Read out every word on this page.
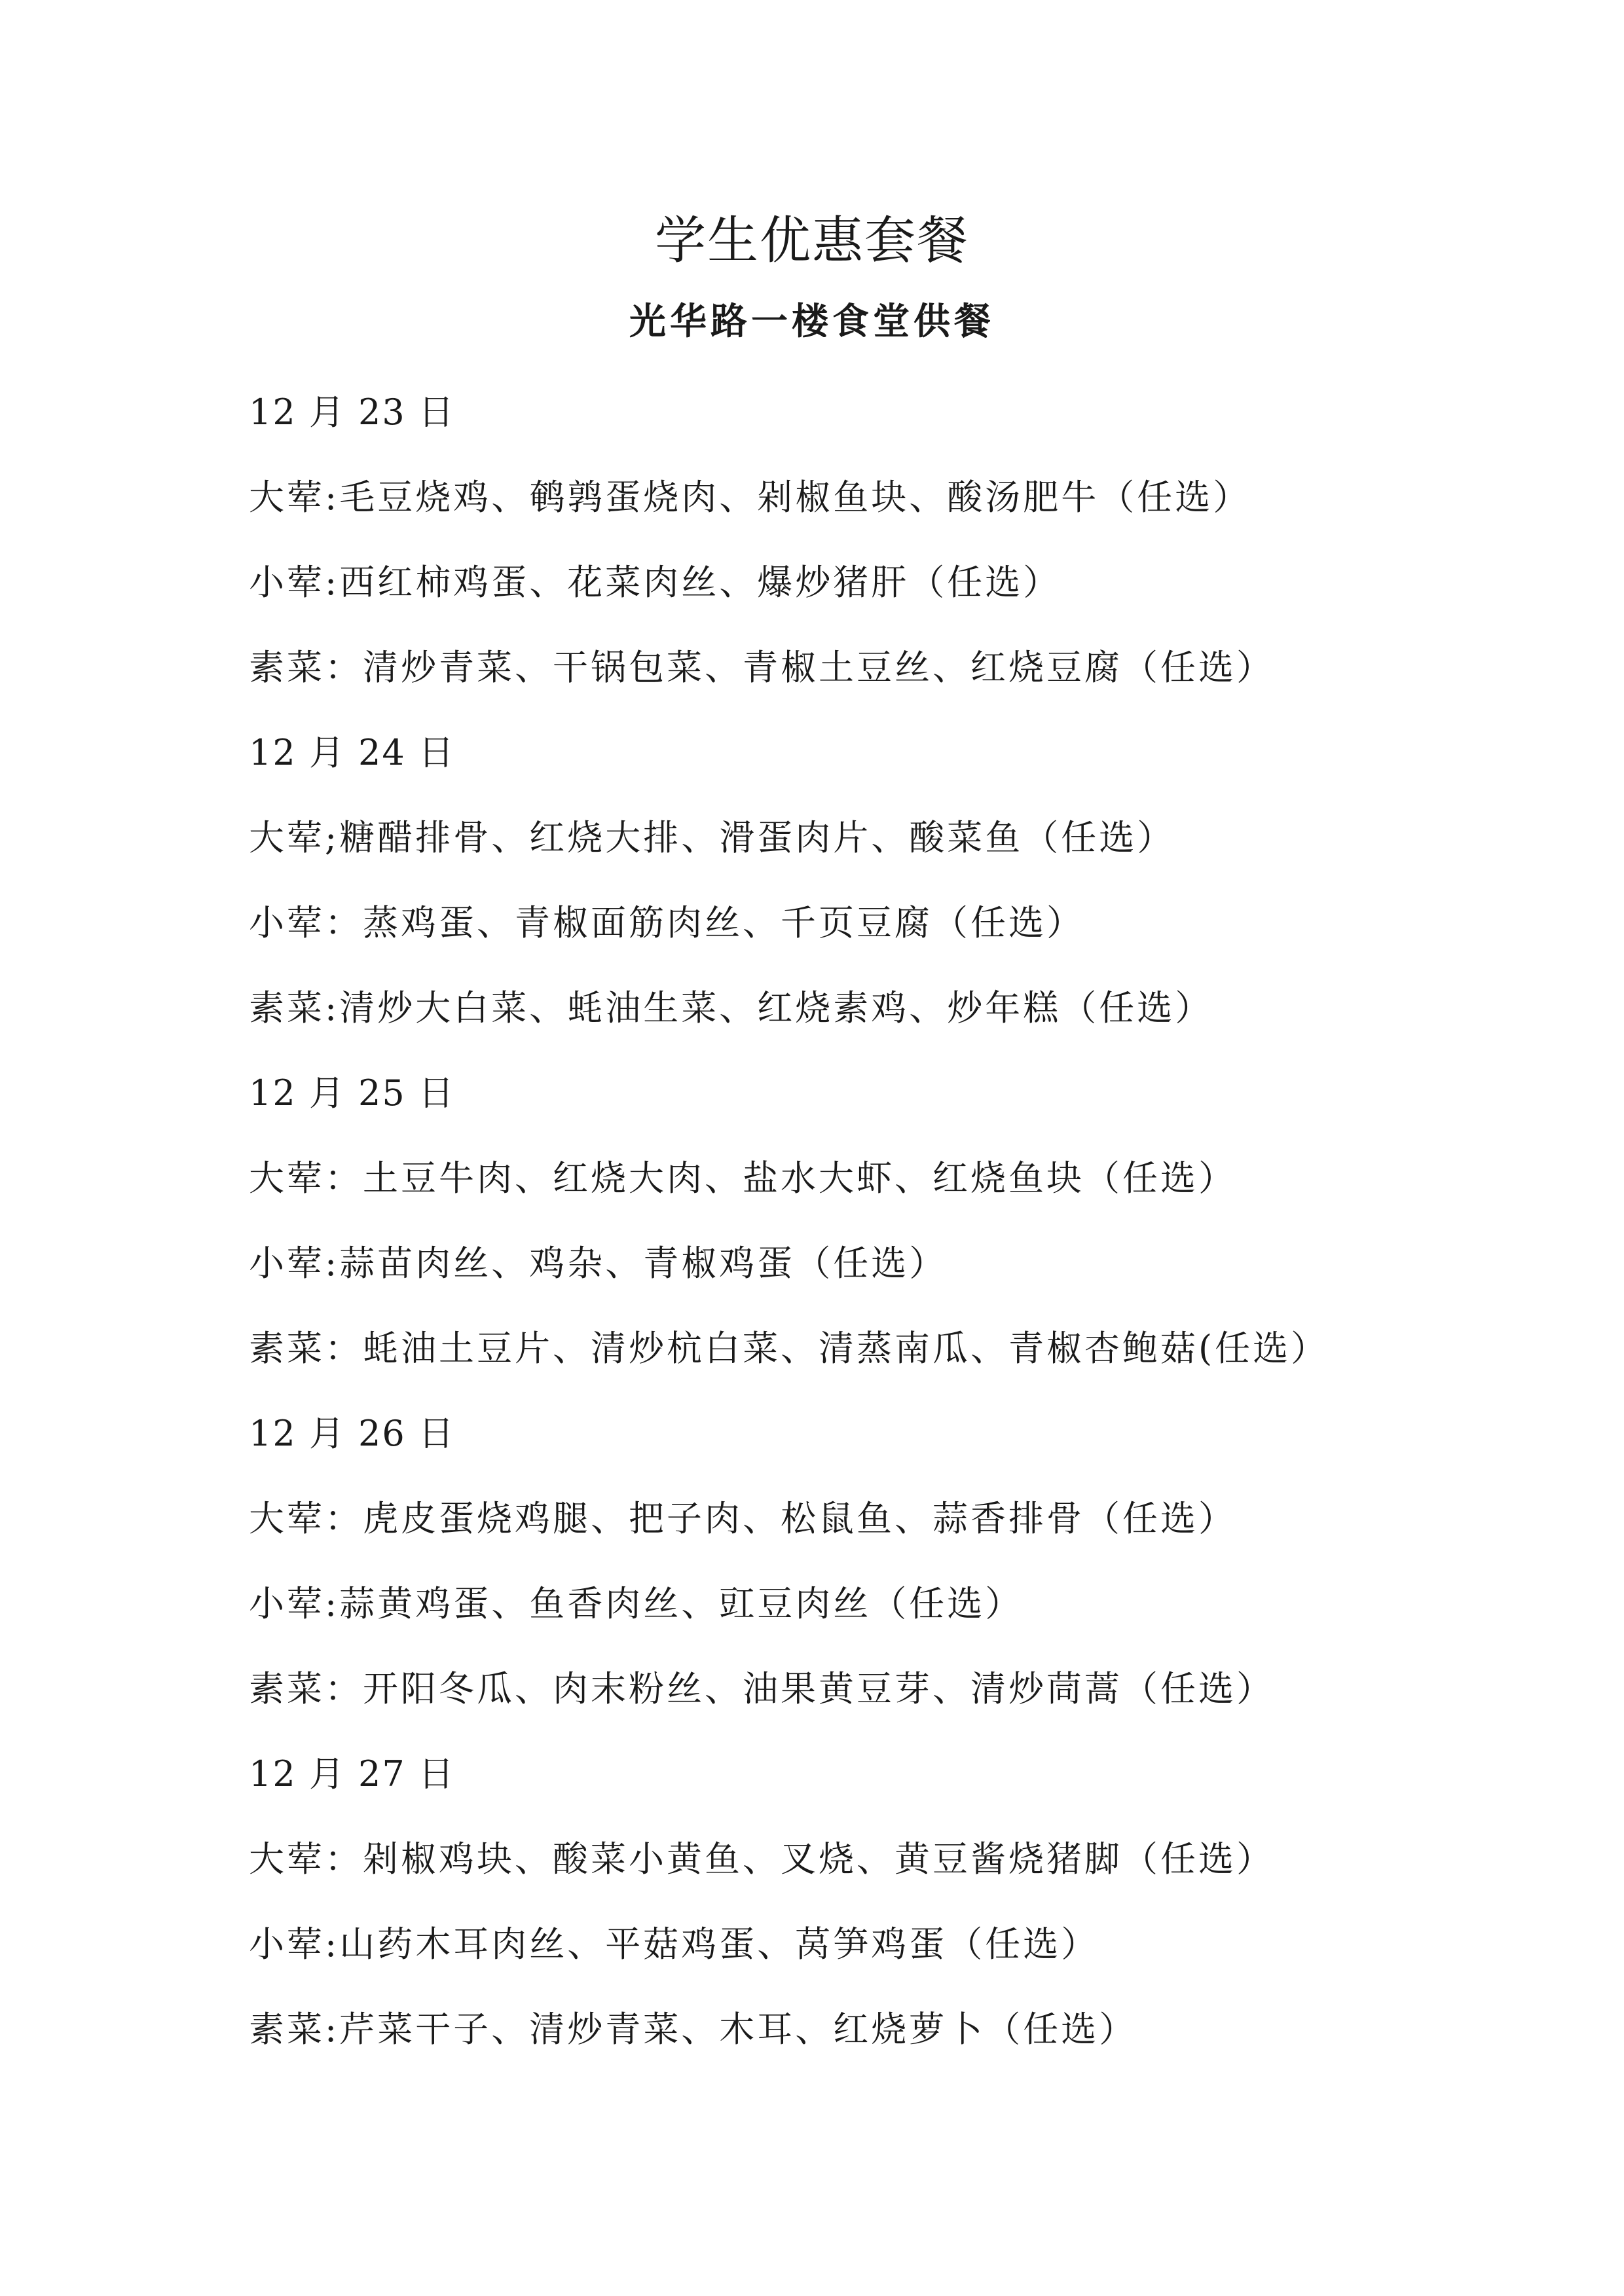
学生优惠套餐
光华路一楼食堂供餐
12 月 23 日
大荤:毛豆烧鸡、鹌鹑蛋烧肉、剁椒鱼块、酸汤肥牛（任选）
小荤:西红柿鸡蛋、花菜肉丝、爆炒猪肝（任选）
素菜：清炒青菜、干锅包菜、青椒土豆丝、红烧豆腐（任选）
12 月 24 日
大荤;糖醋排骨、红烧大排、滑蛋肉片、酸菜鱼（任选）
小荤：蒸鸡蛋、青椒面筋肉丝、千页豆腐（任选）
素菜:清炒大白菜、蚝油生菜、红烧素鸡、炒年糕（任选）
12 月 25 日
大荤：土豆牛肉、红烧大肉、盐水大虾、红烧鱼块（任选）
小荤:蒜苗肉丝、鸡杂、青椒鸡蛋（任选）
素菜：蚝油土豆片、清炒杭白菜、清蒸南瓜、青椒杏鲍菇(任选）
12 月 26 日
大荤：虎皮蛋烧鸡腿、把子肉、松鼠鱼、蒜香排骨（任选）
小荤:蒜黄鸡蛋、鱼香肉丝、豇豆肉丝（任选）
素菜：开阳冬瓜、肉末粉丝、油果黄豆芽、清炒茼蒿（任选）
12 月 27 日
大荤：剁椒鸡块、酸菜小黄鱼、叉烧、黄豆酱烧猪脚（任选）
小荤:山药木耳肉丝、平菇鸡蛋、莴笋鸡蛋（任选）
素菜:芹菜干子、清炒青菜、木耳、红烧萝卜（任选）
